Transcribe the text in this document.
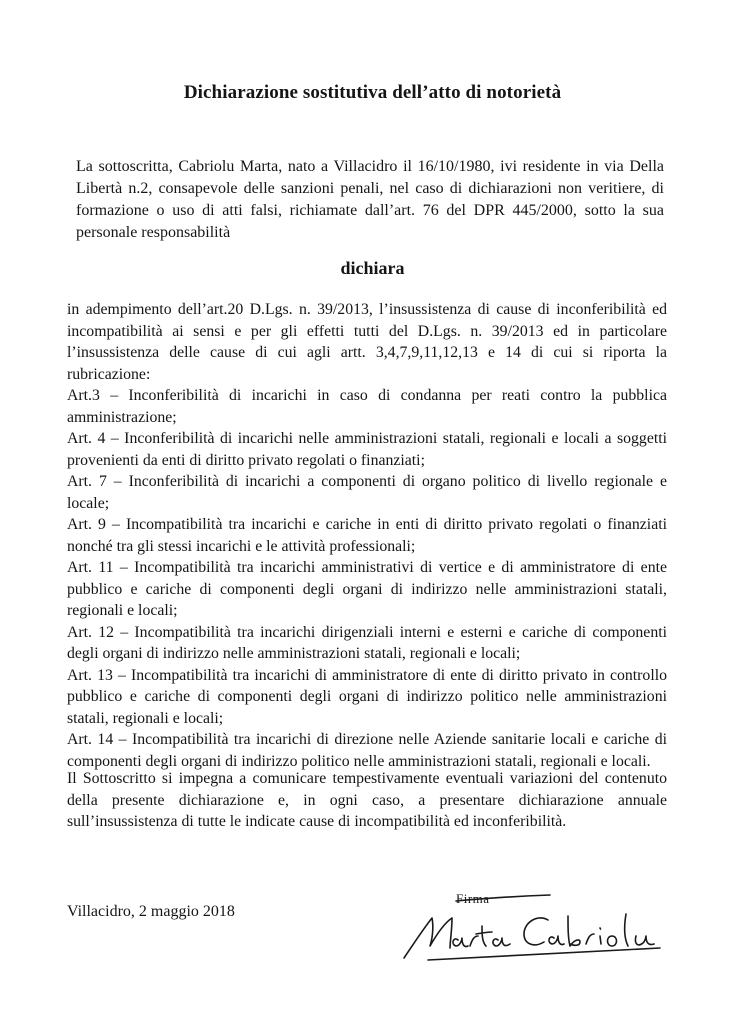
Dichiarazione sostitutiva dell’atto di notorietà
La sottoscritta, Cabriolu Marta, nato a Villacidro il 16/10/1980, ivi residente in via Della Libertà n.2, consapevole delle sanzioni penali, nel caso di dichiarazioni non veritiere, di formazione o uso di atti falsi, richiamate dall’art. 76 del DPR 445/2000, sotto la sua personale responsabilità
dichiara

in adempimento dell’art.20 D.Lgs. n. 39/2013, l’insussistenza di cause di inconferibilità ed incompatibilità ai sensi e per gli effetti tutti del D.Lgs. n. 39/2013 ed in particolare l’insussistenza delle cause di cui agli artt. 3,4,7,9,11,12,13 e 14 di cui si riporta la rubricazione:

Art.3 – Inconferibilità di incarichi in caso di condanna per reati contro la pubblica amministrazione;

Art. 4 – Inconferibilità di incarichi nelle amministrazioni statali, regionali e locali a soggetti provenienti da enti di diritto privato regolati o finanziati;

Art. 7 – Inconferibilità di incarichi a componenti di organo politico di livello regionale e locale;

Art. 9 – Incompatibilità tra incarichi e cariche in enti di diritto privato regolati o finanziati nonché tra gli stessi incarichi e le attività professionali;

Art. 11 – Incompatibilità tra incarichi amministrativi di vertice e di amministratore di ente pubblico e cariche di componenti degli organi di indirizzo nelle amministrazioni statali, regionali e locali;

Art. 12 – Incompatibilità tra incarichi dirigenziali interni e esterni e cariche di componenti degli organi di indirizzo nelle amministrazioni statali, regionali e locali;

Art. 13 – Incompatibilità tra incarichi di amministratore di ente di diritto privato in controllo pubblico e cariche di componenti degli organi di indirizzo politico nelle amministrazioni statali, regionali e locali;

Art. 14 – Incompatibilità tra incarichi di direzione nelle Aziende sanitarie locali e cariche di componenti degli organi di indirizzo politico nelle amministrazioni statali, regionali e locali.

Il Sottoscritto si impegna a comunicare tempestivamente eventuali variazioni del contenuto della presente dichiarazione e, in ogni caso, a presentare dichiarazione annuale sull’insussistenza di tutte le indicate cause di incompatibilità ed inconferibilità.
Villacidro, 2 maggio 2018
Firma
